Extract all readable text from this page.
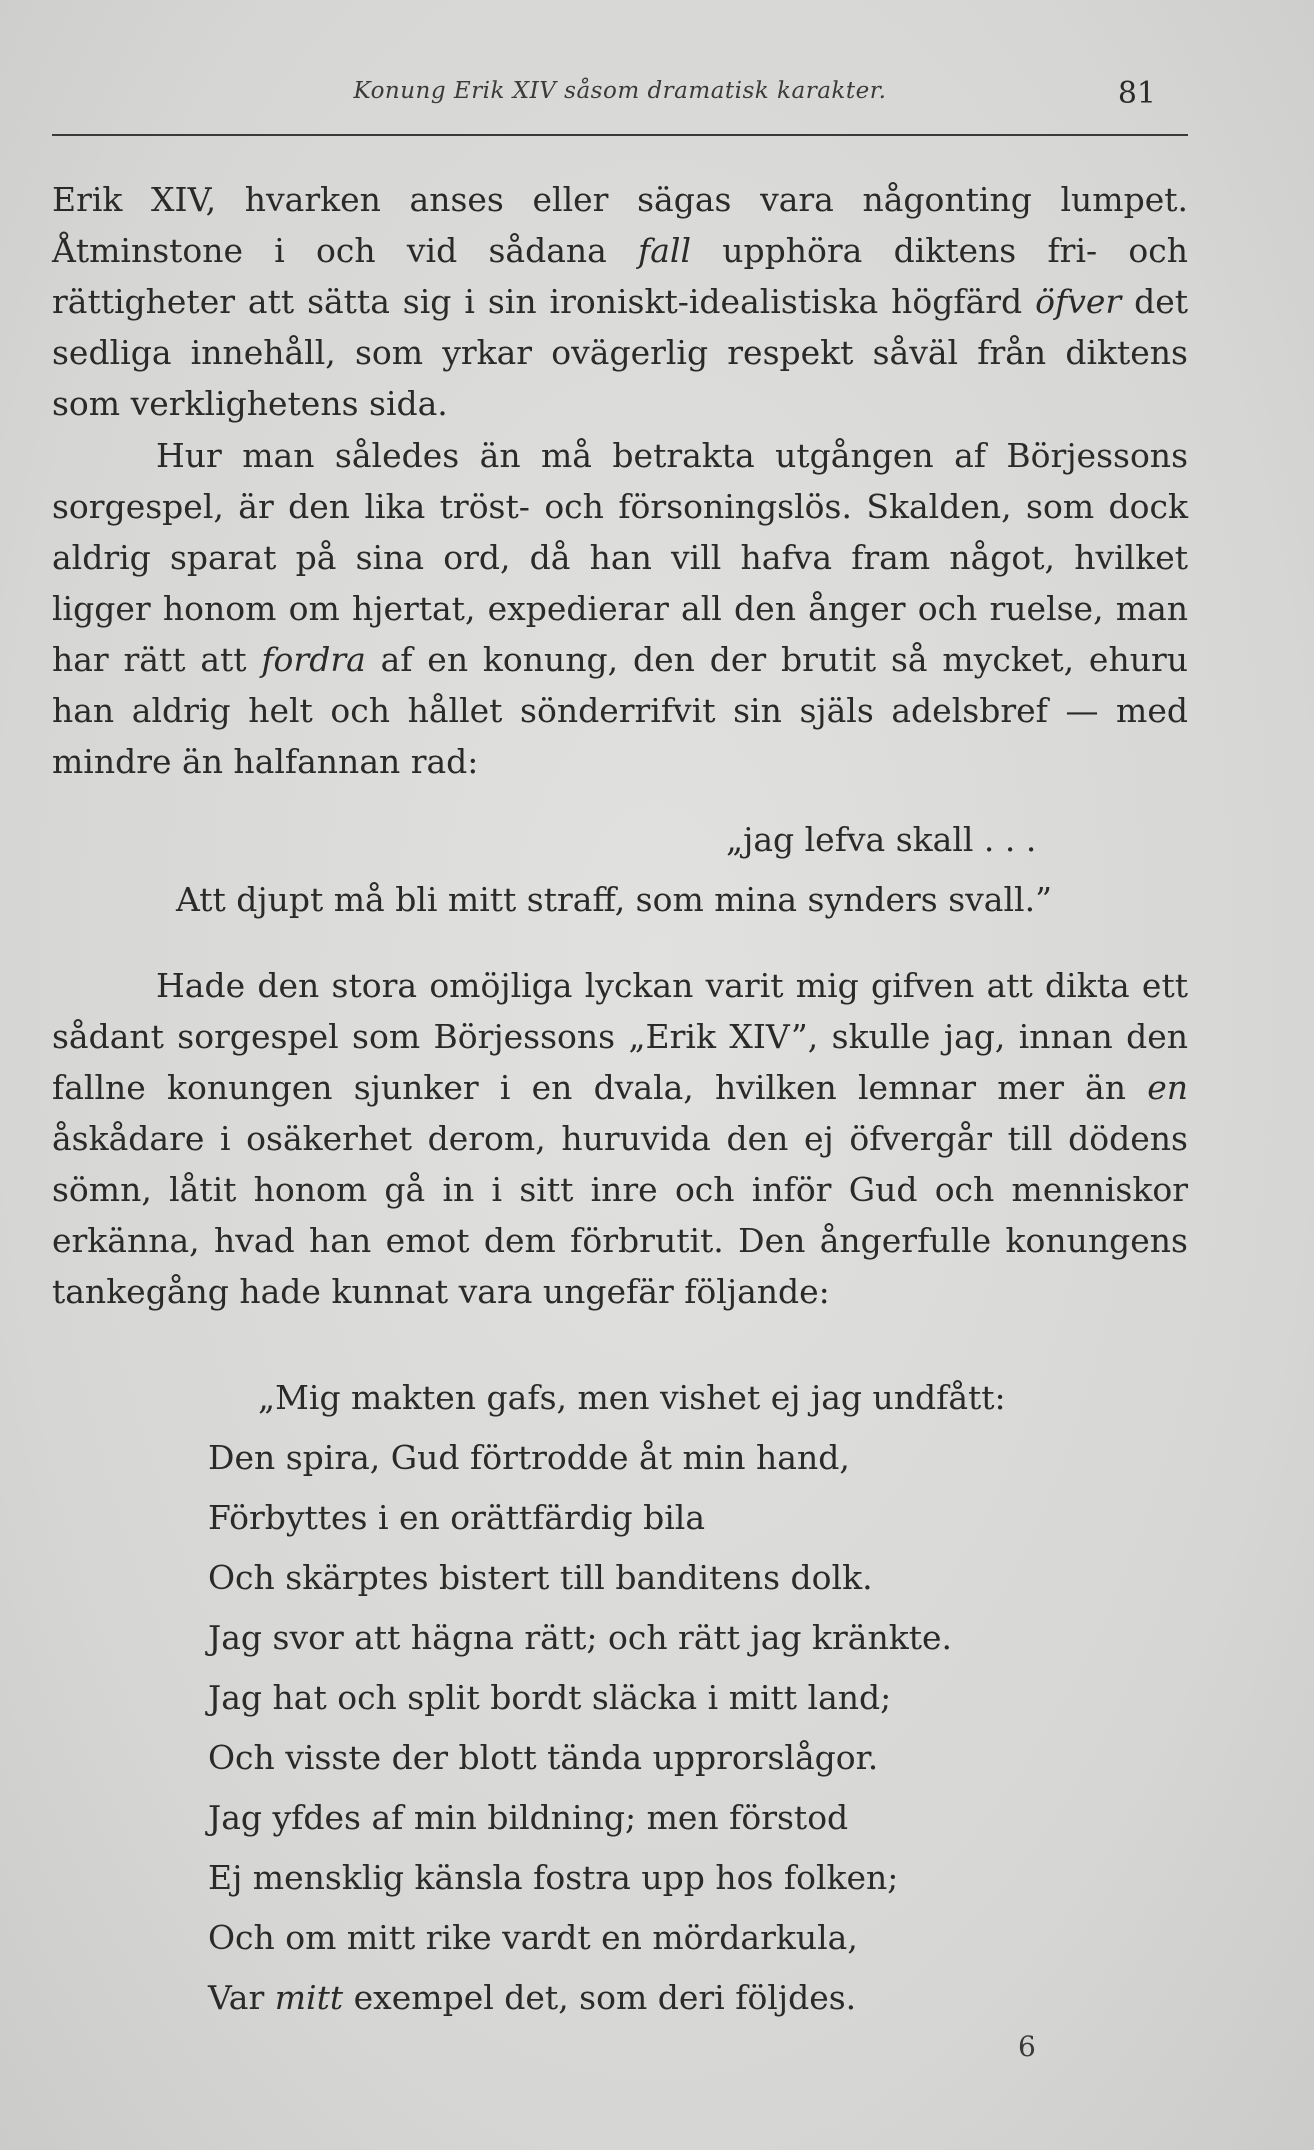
Konung Erik XIV såsom dramatisk karakter.	81

Erik XIV, hvarken anses eller sägas vara någonting lumpet. Åtminstone i och vid sådana fall upphöra diktens fri- och rättigheter att sätta sig i sin ironiskt-idealistiska högfärd öfver det sedliga innehåll, som yrkar ovägerlig respekt såväl från diktens som verklighetens sida.

Hur man således än må betrakta utgången af Börjessons sorgespel, är den lika tröst- och försoningslös. Skalden, som dock aldrig sparat på sina ord, då han vill hafva fram något, hvilket ligger honom om hjertat, expedierar all den ånger och ruelse, man har rätt att fordra af en konung, den der brutit så mycket, ehuru han aldrig helt och hållet sönderrifvit sin själs adelsbref — med mindre än halfannan rad:

„jag lefva skall . . .
Att djupt må bli mitt straff, som mina synders svall.”

Hade den stora omöjliga lyckan varit mig gifven att dikta ett sådant sorgespel som Börjessons „Erik XIV”, skulle jag, innan den fallne konungen sjunker i en dvala, hvilken lemnar mer än en åskådare i osäkerhet derom, huruvida den ej öfvergår till dödens sömn, låtit honom gå in i sitt inre och inför Gud och menniskor erkänna, hvad han emot dem förbrutit. Den ångerfulle konungens tankegång hade kunnat vara ungefär följande:

„Mig makten gafs, men vishet ej jag undfått:
Den spira, Gud förtrodde åt min hand,
Förbyttes i en orättfärdig bila
Och skärptes bistert till banditens dolk.
Jag svor att hägna rätt; och rätt jag kränkte.
Jag hat och split bordt släcka i mitt land;
Och visste der blott tända upprorslågor.
Jag yfdes af min bildning; men förstod
Ej mensklig känsla fostra upp hos folken;
Och om mitt rike vardt en mördarkula,
Var mitt exempel det, som deri följdes.
6
